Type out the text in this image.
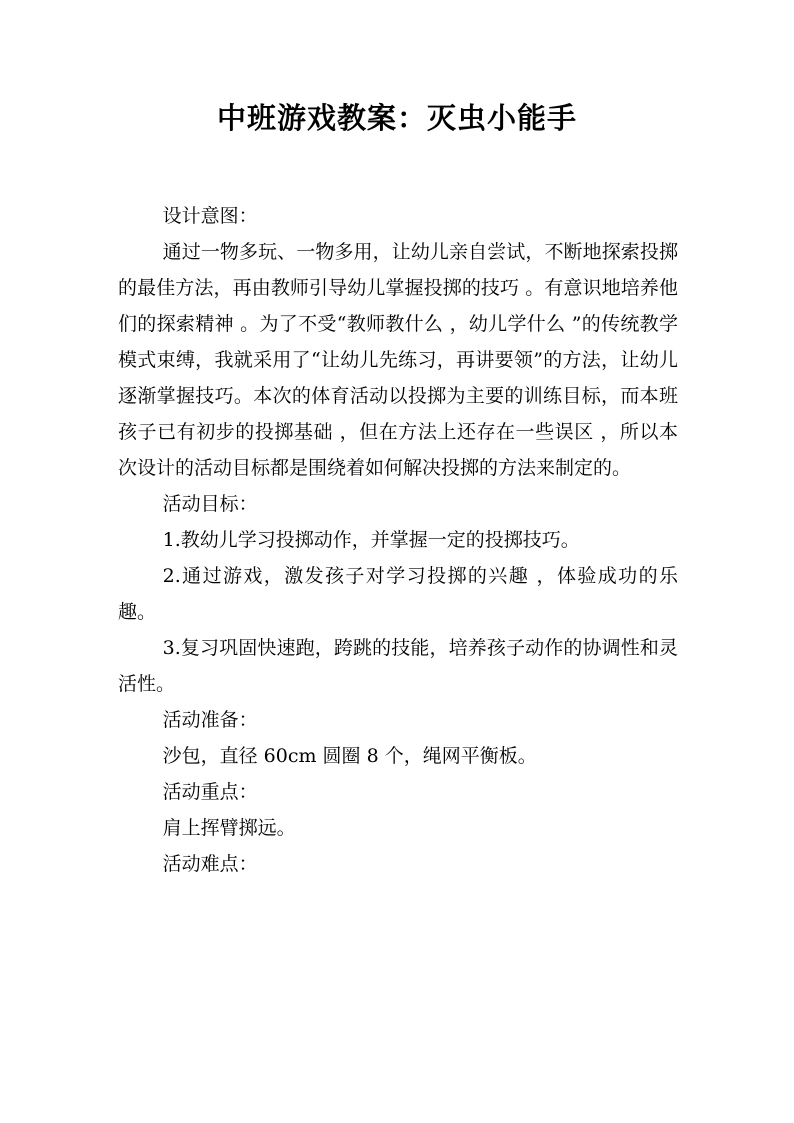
中班游戏教案：灭虫小能手

设计意图：

通过一物多玩、一物多用，让幼儿亲自尝试，不断地探索投掷的最佳方法，再由教师引导幼儿掌握投掷的技巧 。有意识地培养他们的探索精神 。为了不受“教师教什么 ，幼儿学什么 ”的传统教学模式束缚，我就采用了“让幼儿先练习，再讲要领”的方法，让幼儿逐渐掌握技巧。本次的体育活动以投掷为主要的训练目标，而本班孩子已有初步的投掷基础 ，但在方法上还存在一些误区 ，所以本次设计的活动目标都是围绕着如何解决投掷的方法来制定的。

活动目标：

1.教幼儿学习投掷动作，并掌握一定的投掷技巧。

2.通过游戏，激发孩子对学习投掷的兴趣 ，体验成功的乐趣。

3.复习巩固快速跑，跨跳的技能，培养孩子动作的协调性和灵活性。

活动准备：

沙包，直径 60cm 圆圈 8 个，绳网平衡板。

活动重点：

肩上挥臂掷远。

活动难点：
